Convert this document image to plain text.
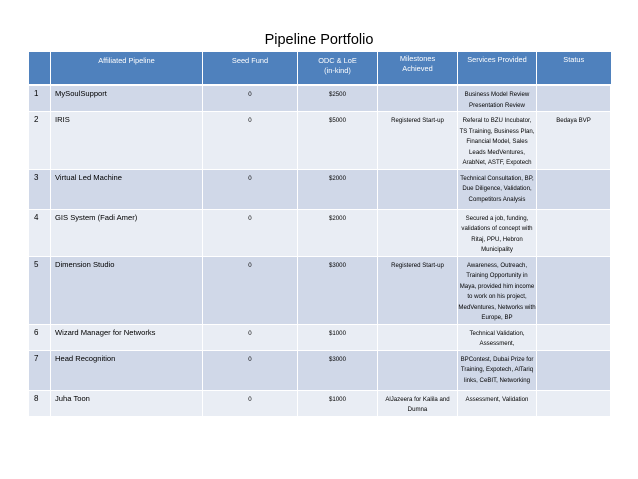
Pipeline Portfolio
	Affiliated Pipeline	Seed Fund	ODC & LoE (in-kind)	Milestones Achieved	Services Provided	Status
1	MySoulSupport	0	$2500		Business Model Review Presentation Review	
2	IRIS	0	$5000	Registered Start-up	Referal to BZU Incubator, TS Training, Business Plan, Financial Model, Sales Leads MedVentures, ArabNet, ASTF, Expotech	Bedaya BVP
3	Virtual Led Machine	0	$2000		Technical Consultation, BP, Due Diligence, Validation, Competitors Analysis	
4	GIS System (Fadi Amer)	0	$2000		Secured a job, funding, validations of concept with Ritaj, PPU, Hebron Municipality	
5	Dimension Studio	0	$3000	Registered Start-up	Awareness, Outreach, Training Opportunity in Maya, provided him income to work on his project, MedVentures, Networks with Europe, BP	
6	Wizard Manager for Networks	0	$1000		Technical Validation, Assessment,	
7	Head Recognition	0	$3000		BPContest, Dubai Prize for Training, Expotech, AlTariq links, CeBIT, Networking	
8	Juha Toon	0	$1000	AlJazeera for Kalila and Dumna	Assessment, Validation	
